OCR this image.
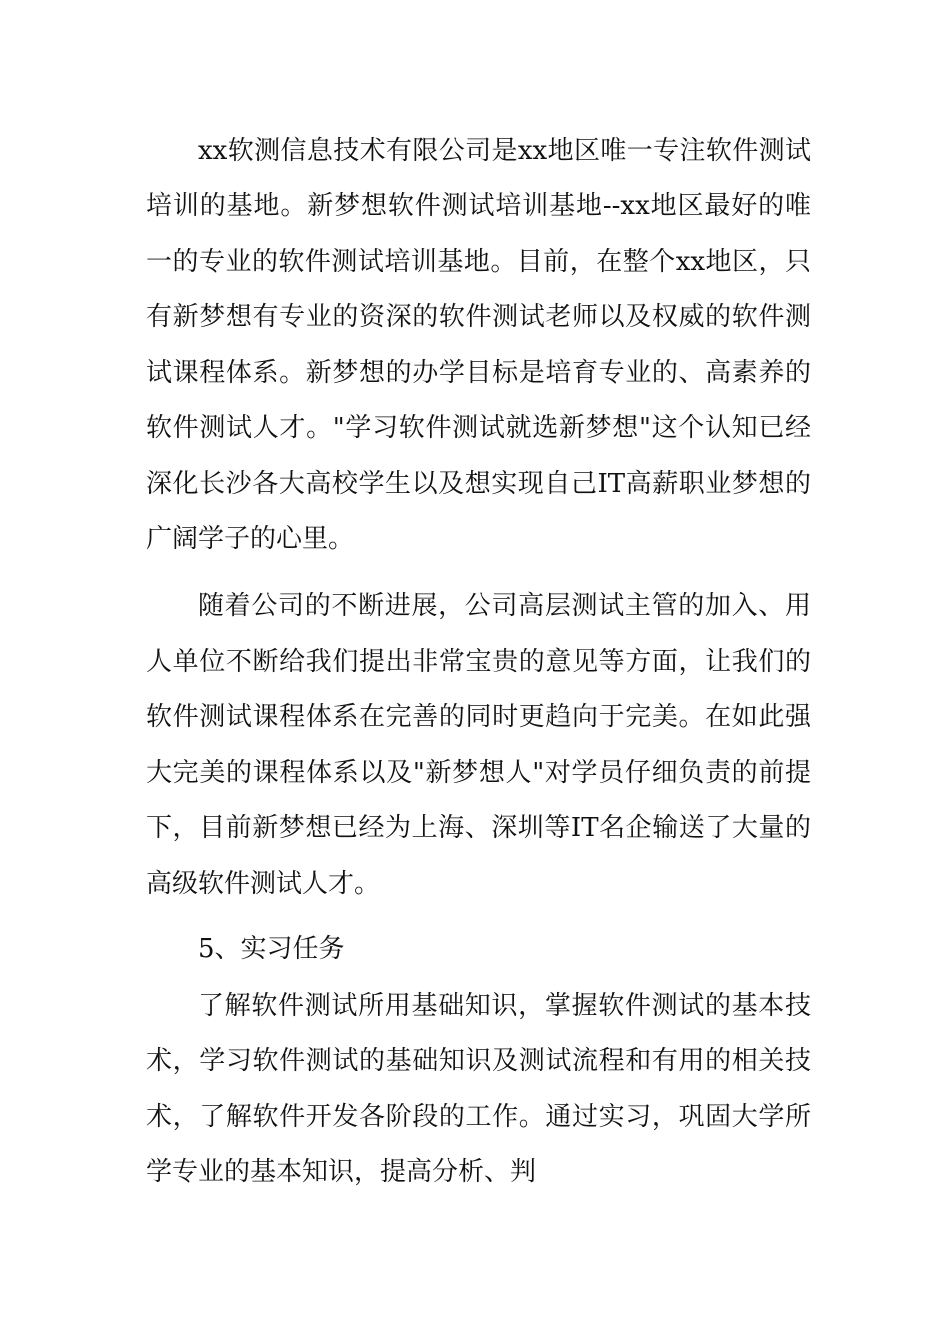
xx软测信息技术有限公司是xx地区唯一专注软件测试
培训的基地。新梦想软件测试培训基地--xx地区最好的唯
一的专业的软件测试培训基地。目前，在整个xx地区，只
有新梦想有专业的资深的软件测试老师以及权威的软件测
试课程体系。新梦想的办学目标是培育专业的、高素养的
软件测试人才。"学习软件测试就选新梦想"这个认知已经
深化长沙各大高校学生以及想实现自己IT高薪职业梦想的
广阔学子的心里。
随着公司的不断进展，公司高层测试主管的加入、用
人单位不断给我们提出非常宝贵的意见等方面，让我们的
软件测试课程体系在完善的同时更趋向于完美。在如此强
大完美的课程体系以及"新梦想人"对学员仔细负责的前提
下，目前新梦想已经为上海、深圳等IT名企输送了大量的
高级软件测试人才。
5、实习任务
了解软件测试所用基础知识，掌握软件测试的基本技
术，学习软件测试的基础知识及测试流程和有用的相关技
术，了解软件开发各阶段的工作。通过实习，巩固大学所
学专业的基本知识，提高分析、判
